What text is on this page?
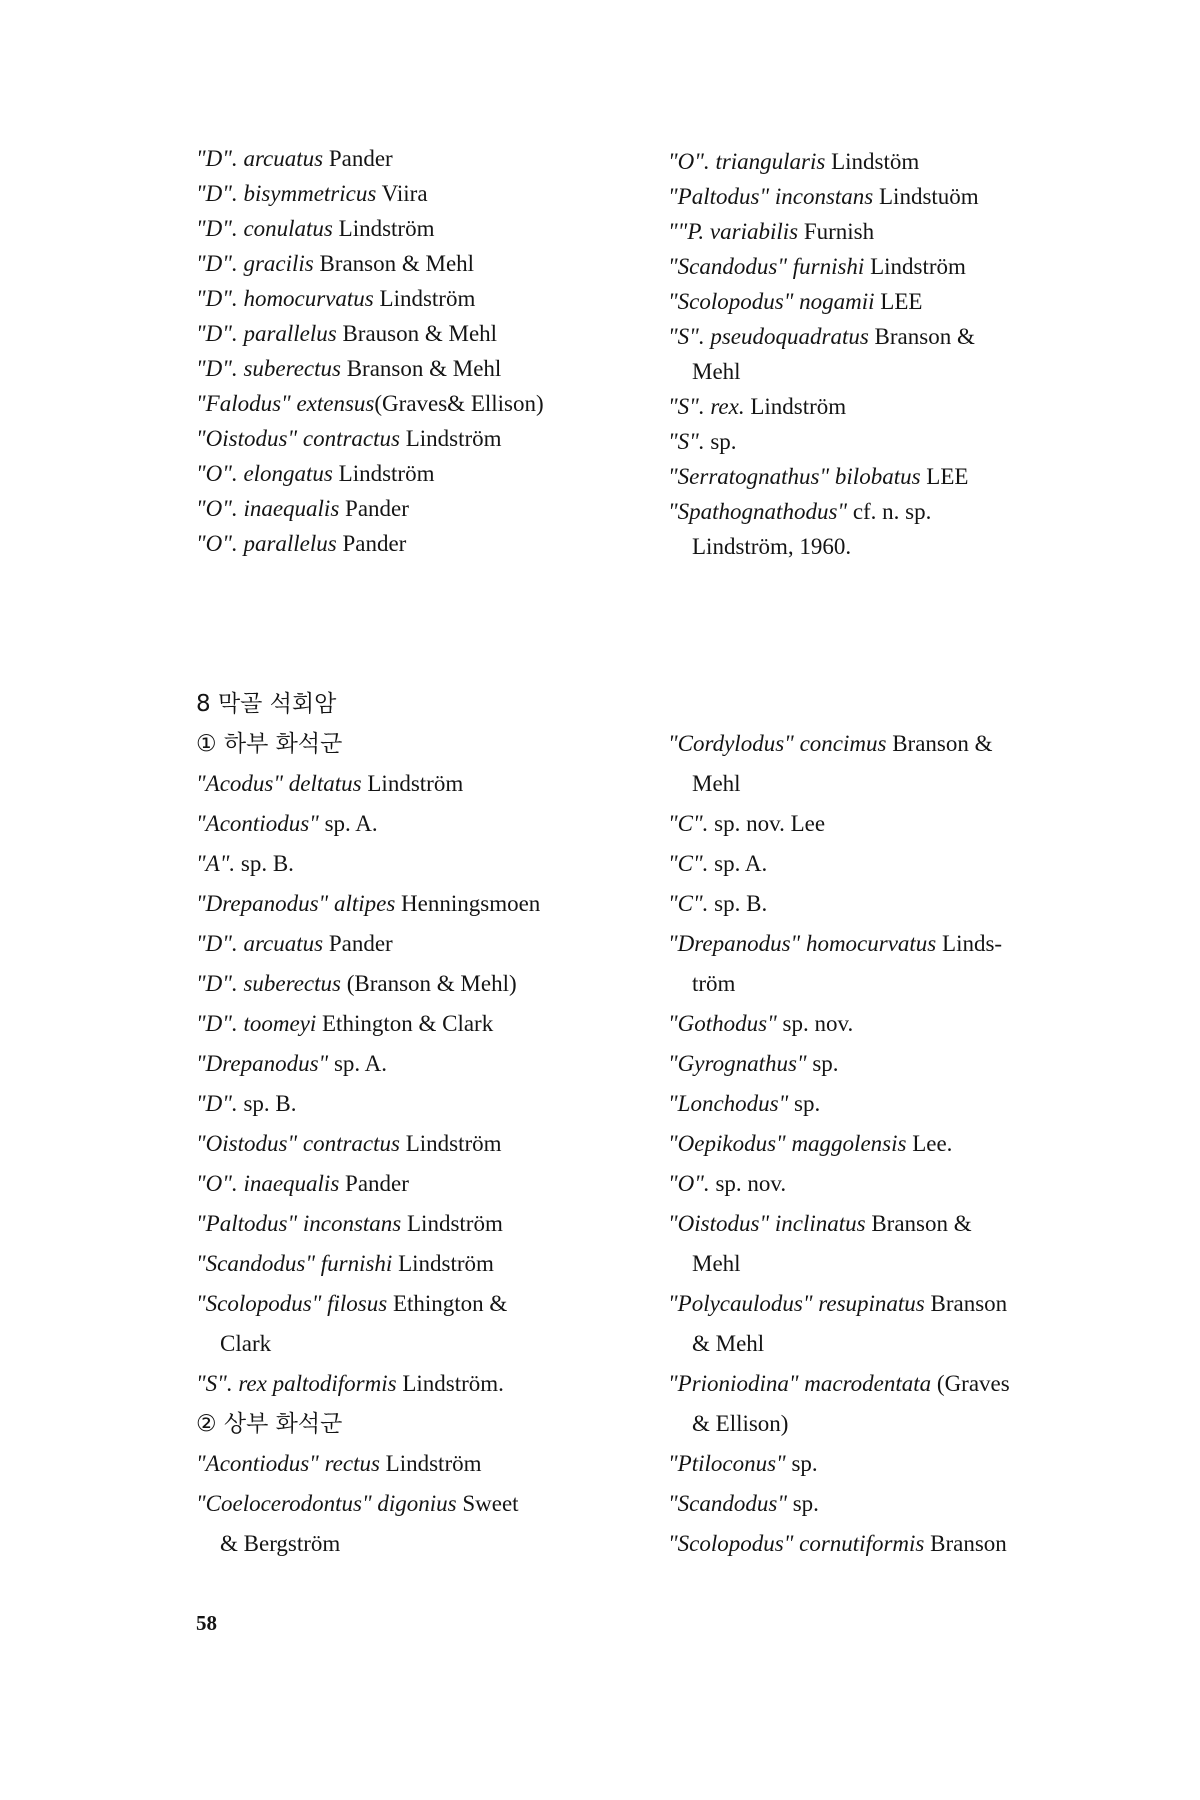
"D". arcuatus Pander
"D". bisymmetricus Viira
"D". conulatus Lindström
"D". gracilis Branson & Mehl
"D". homocurvatus Lindström
"D". parallelus Brauson & Mehl
"D". suberectus Branson & Mehl
"Falodus" extensus(Graves& Ellison)
"Oistodus" contractus Lindström
"O". elongatus Lindström
"O". inaequalis Pander
"O". parallelus Pander
"O". triangularis Lindstöm
"Paltodus" inconstans Lindstuöm
""P. variabilis Furnish
"Scandodus" furnishi Lindström
"Scolopodus" nogamii LEE
"S". pseudoquadratus Branson &
Mehl
"S". rex. Lindström
"S". sp.
"Serratognathus" bilobatus LEE
"Spathognathodus" cf. n. sp.
Lindström, 1960.
8 막골 석회암
① 하부 화석군
"Acodus" deltatus Lindström
"Acontiodus" sp. A.
"A". sp. B.
"Drepanodus" altipes Henningsmoen
"D". arcuatus Pander
"D". suberectus (Branson & Mehl)
"D". toomeyi Ethington & Clark
"Drepanodus" sp. A.
"D". sp. B.
"Oistodus" contractus Lindström
"O". inaequalis Pander
"Paltodus" inconstans Lindström
"Scandodus" furnishi Lindström
"Scolopodus" filosus Ethington &
Clark
"S". rex paltodiformis Lindström.
② 상부 화석군
"Acontiodus" rectus Lindström
"Coelocerodontus" digonius Sweet
& Bergström
"Cordylodus" concimus Branson &
Mehl
"C". sp. nov. Lee
"C". sp. A.
"C". sp. B.
"Drepanodus" homocurvatus Linds-
tröm
"Gothodus" sp. nov.
"Gyrognathus" sp.
"Lonchodus" sp.
"Oepikodus" maggolensis Lee.
"O". sp. nov.
"Oistodus" inclinatus Branson &
Mehl
"Polycaulodus" resupinatus Branson
& Mehl
"Prioniodina" macrodentata (Graves
& Ellison)
"Ptiloconus" sp.
"Scandodus" sp.
"Scolopodus" cornutiformis Branson
58
